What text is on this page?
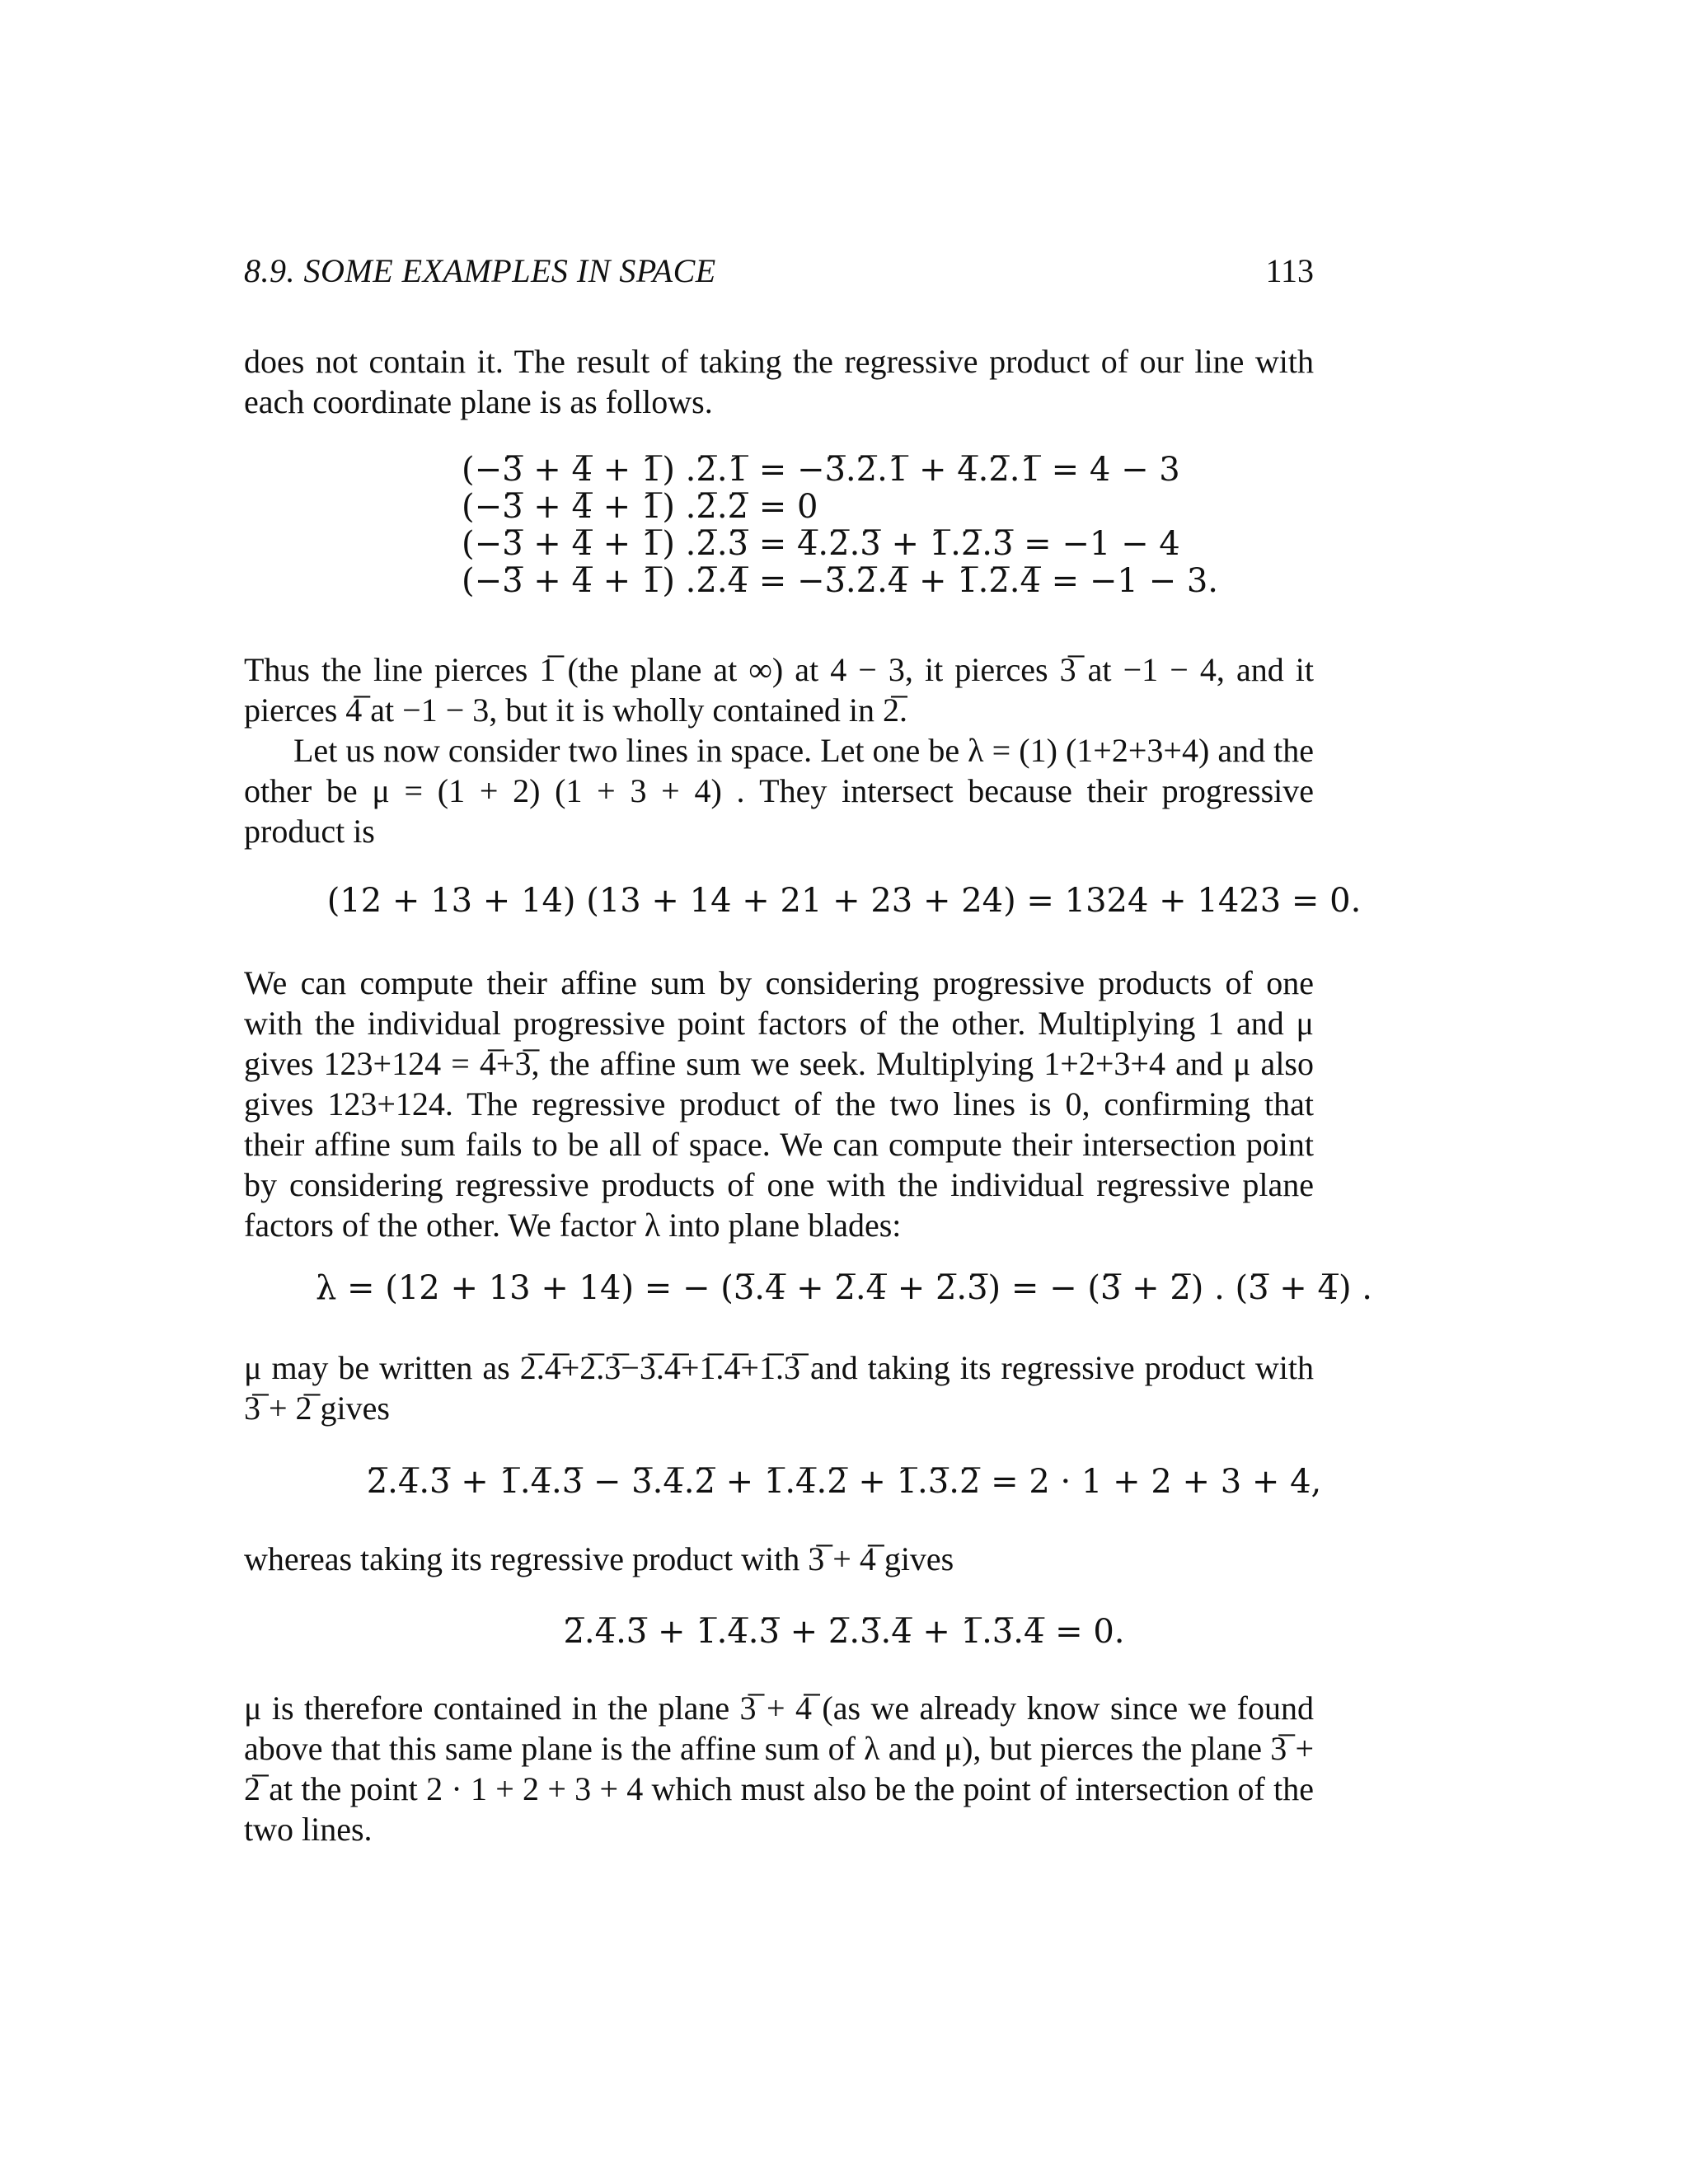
8.9. SOME EXAMPLES IN SPACE	113
does not contain it. The result of taking the regressive product of our line with each coordinate plane is as follows.
(−3̅ + 4̅ + 1̅) .2̅.1̅ = −3̅.2̅.1̅ + 4̅.2̅.1̅ = 4 − 3
(−3̅ + 4̅ + 1̅) .2̅.2̅ = 0
(−3̅ + 4̅ + 1̅) .2̅.3̅ = 4̅.2̅.3̅ + 1̅.2̅.3̅ = −1 − 4
(−3̅ + 4̅ + 1̅) .2̅.4̅ = −3̅.2̅.4̅ + 1̅.2̅.4̅ = −1 − 3.
Thus the line pierces 1̅ (the plane at ∞) at 4 − 3, it pierces 3̅ at −1 − 4, and it pierces 4̅ at −1 − 3, but it is wholly contained in 2̅.
Let us now consider two lines in space. Let one be λ = (1) (1+2+3+4) and the other be μ = (1 + 2) (1 + 3 + 4) . They intersect because their progressive product is
(12 + 13 + 14) (13 + 14 + 21 + 23 + 24) = 1324 + 1423 = 0.
We can compute their affine sum by considering progressive products of one with the individual progressive point factors of the other. Multiplying 1 and μ gives 123+124 = 4̅+3̅, the affine sum we seek. Multiplying 1+2+3+4 and μ also gives 123+124. The regressive product of the two lines is 0, confirming that their affine sum fails to be all of space. We can compute their intersection point by considering regressive products of one with the individual regressive plane factors of the other. We factor λ into plane blades:
λ = (12 + 13 + 14) = − (3̅.4̅ + 2̅.4̅ + 2̅.3̅) = − (3̅ + 2̅) . (3̅ + 4̅) .
μ may be written as 2̅.4̅+2̅.3̅−3̅.4̅+1̅.4̅+1̅.3̅ and taking its regressive product with 3̅ + 2̅ gives
2̅.4̅.3̅ + 1̅.4̅.3̅ − 3̅.4̅.2̅ + 1̅.4̅.2̅ + 1̅.3̅.2̅ = 2 · 1 + 2 + 3 + 4,
whereas taking its regressive product with 3̅ + 4̅ gives
2̅.4̅.3̅ + 1̅.4̅.3̅ + 2̅.3̅.4̅ + 1̅.3̅.4̅ = 0.
μ is therefore contained in the plane 3̅ + 4̅ (as we already know since we found above that this same plane is the affine sum of λ and μ), but pierces the plane 3̅ + 2̅ at the point 2 · 1 + 2 + 3 + 4 which must also be the point of intersection of the two lines.
